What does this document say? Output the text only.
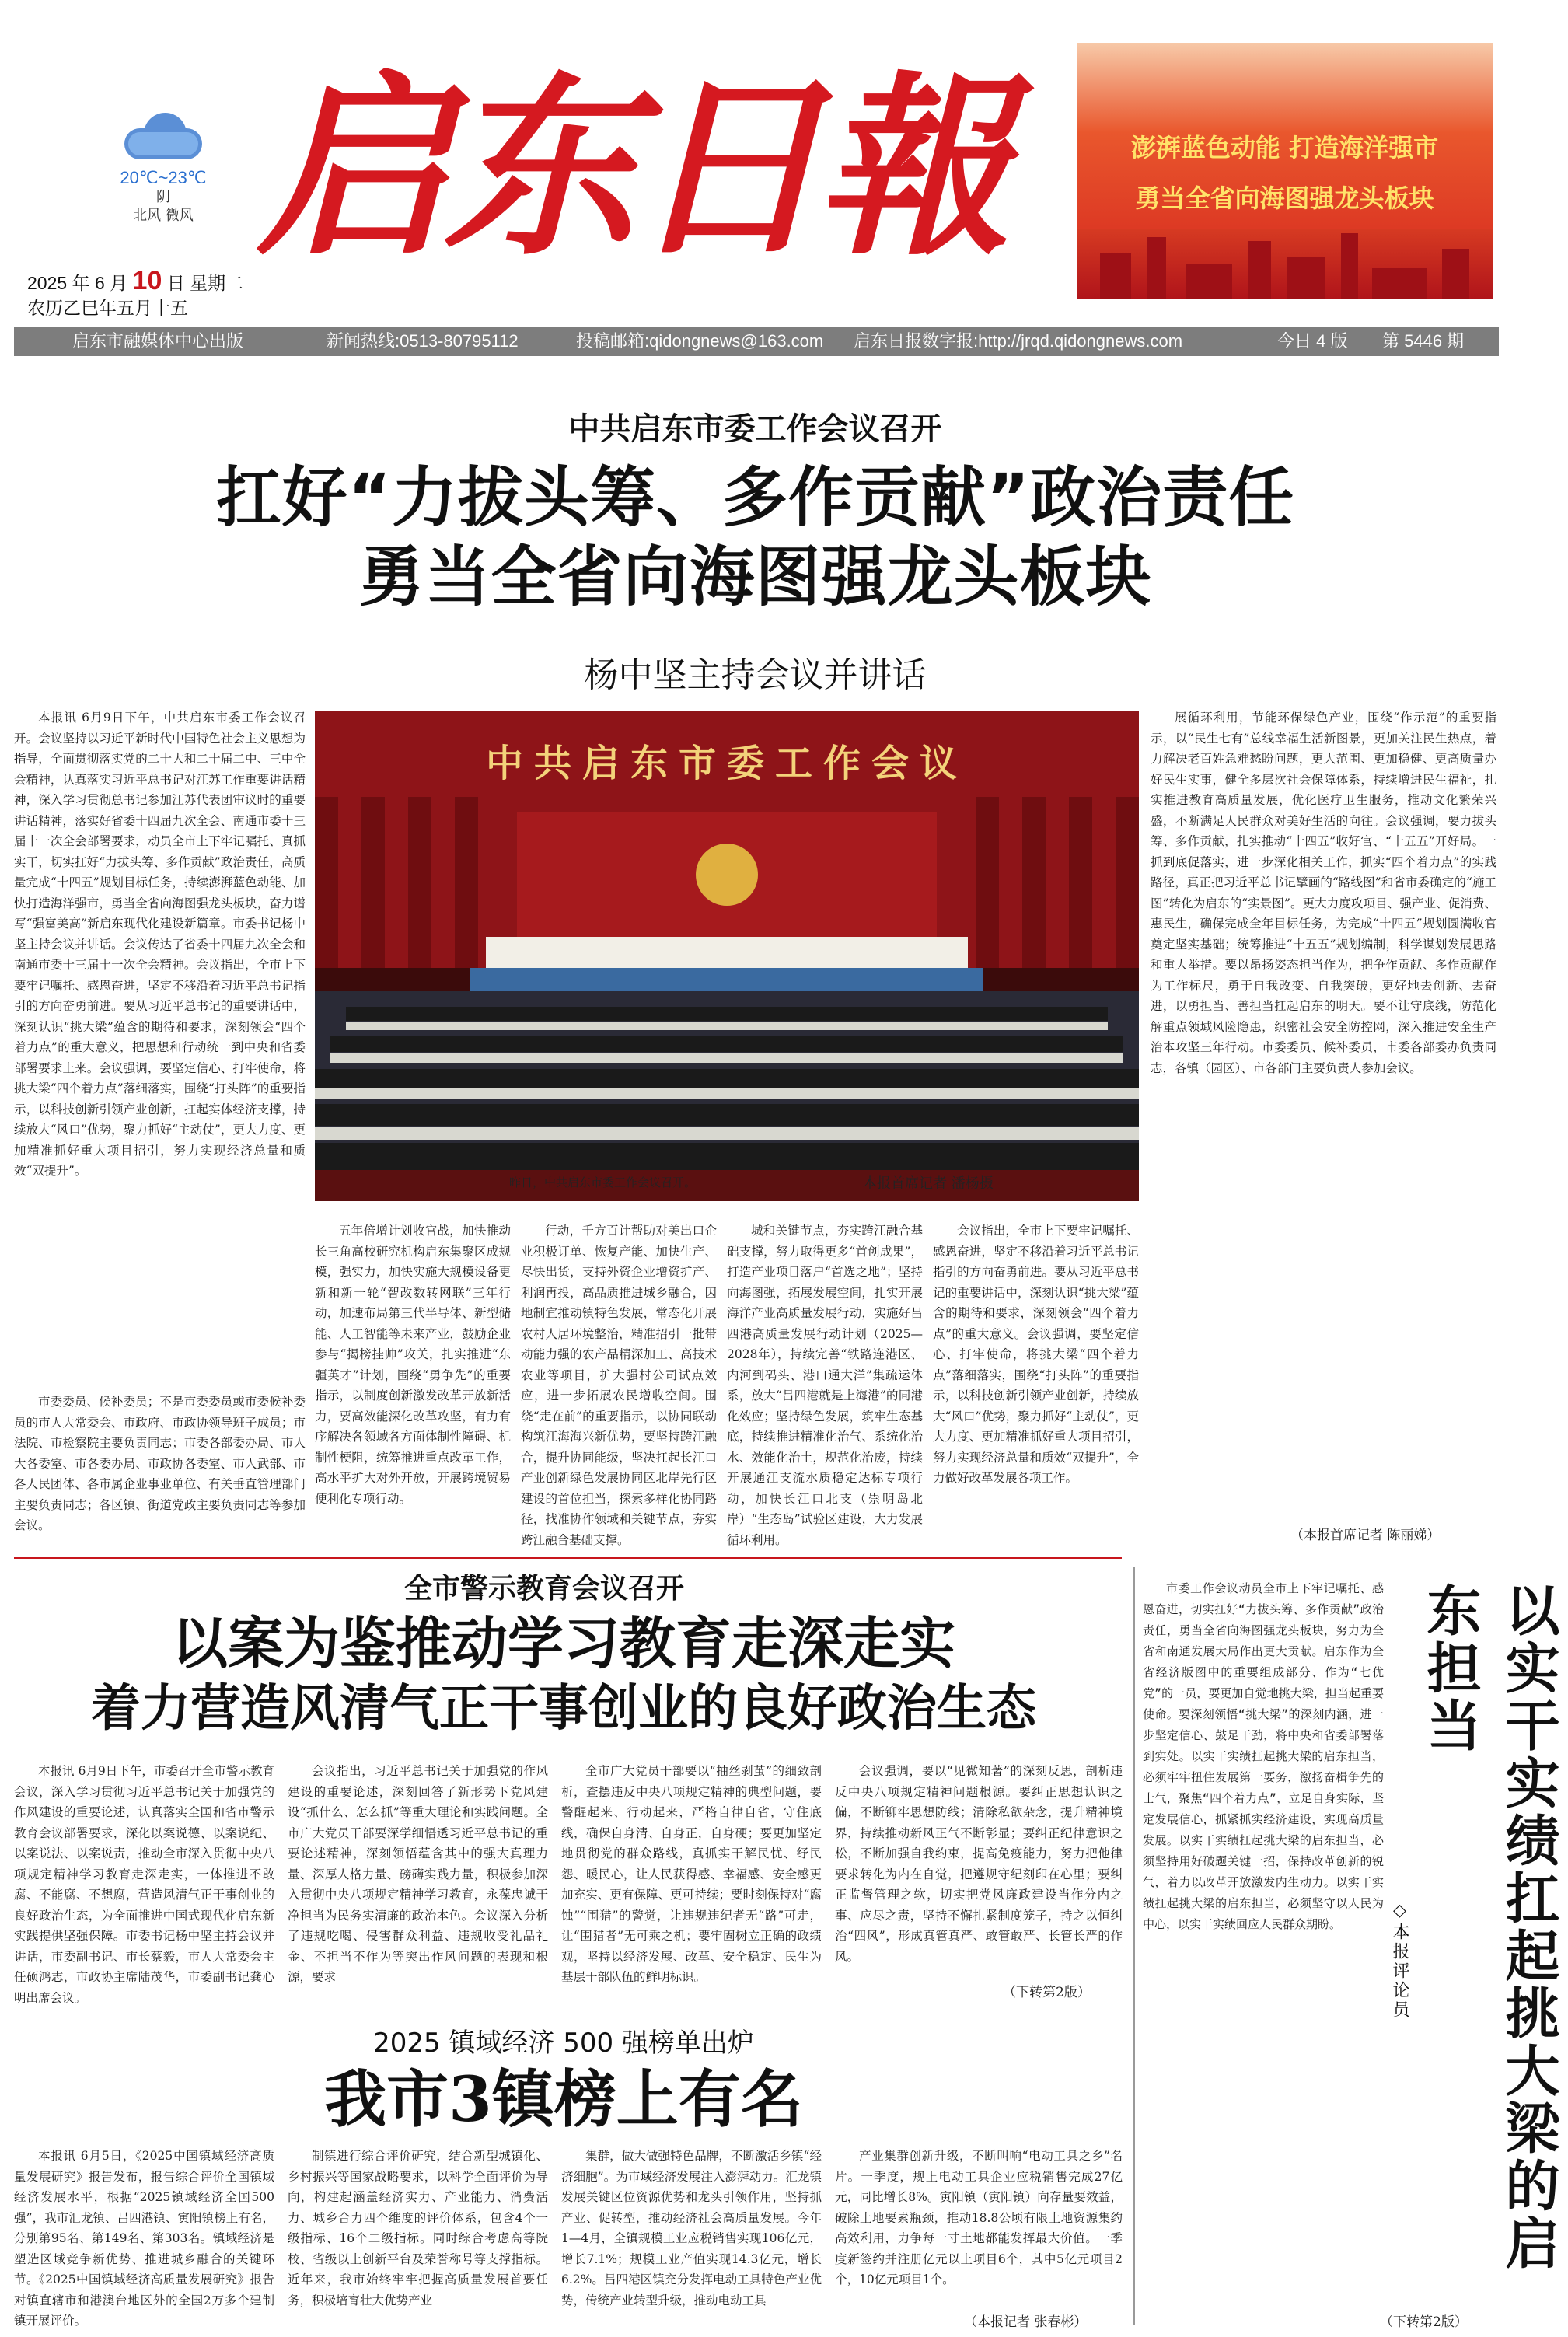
20℃~23℃
阴
北风 微风 启东日報	澎湃蓝色动能 打造海洋强市
勇当全省向海图强龙头板块
2025 年 6 月 10 日 星期二
农历乙巳年五月十五
启东市融媒体中心出版	新闻热线:0513-80795112	投稿邮箱:qidongnews@163.com 启东日报数字报:http://jrqd.qidongnews.com	今日 4 版 第 5446 期
中共启东市委工作会议召开
扛好“力拔头筹、多作贡献”政治责任
勇当全省向海图强龙头板块
杨中坚主持会议并讲话

本报讯 6月9日下午，中共启东市委工作会议召开。会议坚持以习近平新时代中国特色社会主义思想为指导，全面贯彻落实党的二十大和二十届二中、三中全会精神，认真落实习近平总书记对江苏工作重要讲话精神，深入学习贯彻总书记参加江苏代表团审议时的重要讲话精神，落实好省委十四届九次全会、南通市委十三届十一次全会部署要求，动员全市上下牢记嘱托、真抓实干，切实扛好“力拔头筹、多作贡献”政治责任，高质量完成“十四五”规划目标任务，持续澎湃蓝色动能、加快打造海洋强市，勇当全省向海图强龙头板块，奋力谱写“强富美高”新启东现代化建设新篇章。市委书记杨中坚主持会议并讲话。会议传达了省委十四届九次全会和南通市委十三届十一次全会精神。会议指出，全市上下要牢记嘱托、感恩奋进，坚定不移沿着习近平总书记指引的方向奋勇前进。要从习近平总书记的重要讲话中，深刻认识“挑大梁”蕴含的期待和要求，深刻领会“四个着力点”的重大意义，把思想和行动统一到中央和省委部署要求上来。会议强调，要坚定信心、打牢使命，将挑大梁“四个着力点”落细落实，围绕“打头阵”的重要指示，以科技创新引领产业创新，扛起实体经济支撑，持续放大“风口”优势，聚力抓好“主动仗”，更大力度、更加精准抓好重大项目招引，努力实现经济总量和质效“双提升”。

中共启东市委工作会议
昨日，中共启东市委工作会议召开。	本报首席记者 潘杨摄

展循环利用，节能环保绿色产业，围绕“作示范”的重要指示，以“民生七有”总线幸福生活新图景，更加关注民生热点，着力解决老百姓急难愁盼问题，更大范围、更加稳健、更高质量办好民生实事，健全多层次社会保障体系，持续增进民生福祉，扎实推进教育高质量发展，优化医疗卫生服务，推动文化繁荣兴盛，不断满足人民群众对美好生活的向往。会议强调，要力拔头筹、多作贡献，扎实推动“十四五”收好官、“十五五”开好局。一抓到底促落实，进一步深化相关工作，抓实“四个着力点”的实践路径，真正把习近平总书记擘画的“路线图”和省市委确定的“施工图”转化为启东的“实景图”。更大力度攻项目、强产业、促消费、惠民生，确保完成全年目标任务，为完成“十四五”规划圆满收官奠定坚实基础；统筹推进“十五五”规划编制，科学谋划发展思路和重大举措。要以昂扬姿态担当作为，把争作贡献、多作贡献作为工作标尺，勇于自我改变、自我突破，更好地去创新、去奋进，以勇担当、善担当扛起启东的明天。要不让守底线，防范化解重点领域风险隐患，织密社会安全防控网，深入推进安全生产治本攻坚三年行动。市委委员、候补委员，市委各部委办负责同志，各镇（园区）、市各部门主要负责人参加会议。

五年倍增计划收官战，加快推动长三角高校研究机构启东集聚区成规模，强实力，加快实施大规模设备更新和新一轮“智改数转网联”三年行动，加速布局第三代半导体、新型储能、人工智能等未来产业，鼓励企业参与“揭榜挂帅”攻关，扎实推进“东疆英才”计划，围绕“勇争先”的重要指示，以制度创新激发改革开放新活力，要高效能深化改革攻坚，有力有序解决各领域各方面体制性障碍、机制性梗阻，统筹推进重点改革工作，高水平扩大对外开放，开展跨境贸易便利化专项行动。

行动，千方百计帮助对美出口企业积极订单、恢复产能、加快生产、尽快出货，支持外资企业增资扩产、利润再投，高品质推进城乡融合，因地制宜推动镇特色发展，常态化开展农村人居环境整治，精准招引一批带动能力强的农产品精深加工、高技术农业等项目，扩大强村公司试点效应，进一步拓展农民增收空间。围绕“走在前”的重要指示，以协同联动构筑江海海兴新优势，要坚持跨江融合，提升协同能级，坚决扛起长江口产业创新绿色发展协同区北岸先行区建设的首位担当，探索多样化协同路径，找准协作领域和关键节点，夯实跨江融合基础支撑。

城和关键节点，夯实跨江融合基础支撑，努力取得更多“首创成果”，打造产业项目落户“首选之地”；坚持向海图强，拓展发展空间，扎实开展海洋产业高质量发展行动，实施好吕四港高质量发展行动计划（2025—2028年），持续完善“铁路连港区、内河到码头、港口通大洋”集疏运体系，放大“吕四港就是上海港”的同港化效应；坚持绿色发展，筑牢生态基底，持续推进精准化治气、系统化治水、效能化治土，规范化治废，持续开展通江支流水质稳定达标专项行动，加快长江口北支（崇明岛北岸）“生态岛”试验区建设，大力发展循环利用。

会议指出，全市上下要牢记嘱托、感恩奋进，坚定不移沿着习近平总书记指引的方向奋勇前进。要从习近平总书记的重要讲话中，深刻认识“挑大梁”蕴含的期待和要求，深刻领会“四个着力点”的重大意义。会议强调，要坚定信心、打牢使命，将挑大梁“四个着力点”落细落实，围绕“打头阵”的重要指示，以科技创新引领产业创新，持续放大“风口”优势，聚力抓好“主动仗”，更大力度、更加精准抓好重大项目招引，努力实现经济总量和质效“双提升”，全力做好改革发展各项工作。

市委委员、候补委员；不是市委委员或市委候补委员的市人大常委会、市政府、市政协领导班子成员；市法院、市检察院主要负责同志；市委各部委办局、市人大各委室、市各委办局、市政协各委室、市人武部、市各人民团体、各市属企业事业单位、有关垂直管理部门主要负责同志；各区镇、街道党政主要负责同志等参加会议。

（本报首席记者 陈丽娣）
全市警示教育会议召开
以案为鉴推动学习教育走深走实
着力营造风清气正干事创业的良好政治生态

本报讯 6月9日下午，市委召开全市警示教育会议，深入学习贯彻习近平总书记关于加强党的作风建设的重要论述，认真落实全国和省市警示教育会议部署要求，深化以案说德、以案说纪、以案说法、以案说责，推动全市深入贯彻中央八项规定精神学习教育走深走实，一体推进不敢腐、不能腐、不想腐，营造风清气正干事创业的良好政治生态，为全面推进中国式现代化启东新实践提供坚强保障。市委书记杨中坚主持会议并讲话，市委副书记、市长蔡毅，市人大常委会主任硕鸿志，市政协主席陆茂华，市委副书记龚心明出席会议。

会议指出，习近平总书记关于加强党的作风建设的重要论述，深刻回答了新形势下党风建设“抓什么、怎么抓”等重大理论和实践问题。全市广大党员干部要深学细悟透习近平总书记的重要论述精神，深刻领悟蕴含其中的强大真理力量、深厚人格力量、磅礴实践力量，积极参加深入贯彻中央八项规定精神学习教育，永葆忠诚干净担当为民务实清廉的政治本色。会议深入分析了违规吃喝、侵害群众利益、违规收受礼品礼金、不担当不作为等突出作风问题的表现和根源，要求

全市广大党员干部要以“抽丝剥茧”的细致剖析，查摆违反中央八项规定精神的典型问题，要警醒起来、行动起来，严格自律自省，守住底线，确保自身清、自身正，自身硬；要更加坚定地贯彻党的群众路线，真抓实干解民忧、纾民怨、暖民心，让人民获得感、幸福感、安全感更加充实、更有保障、更可持续；要时刻保持对“腐蚀”“围猎”的警觉，让违规违纪者无“路”可走，让“围猎者”无可乘之机；要牢固树立正确的政绩观，坚持以经济发展、改革、安全稳定、民生为基层干部队伍的鲜明标识。

会议强调，要以“见微知著”的深刻反思，剖析违反中央八项规定精神问题根源。要纠正思想认识之偏，不断铆牢思想防线；清除私欲杂念，提升精神境界，持续推动新风正气不断彰显；要纠正纪律意识之松，不断加强自我约束，提高免疫能力，努力把他律要求转化为内在自觉，把遵规守纪刻印在心里；要纠正监督管理之软，切实把党风廉政建设当作分内之事、应尽之责，坚持不懈扎紧制度笼子，持之以恒纠治“四风”，形成真管真严、敢管敢严、长管长严的作风。

（下转第2版）
2025 镇域经济 500 强榜单出炉
我市3镇榜上有名

本报讯 6月5日，《2025中国镇域经济高质量发展研究》报告发布，报告综合评价全国镇域经济发展水平，根据“2025镇域经济全国500强”，我市汇龙镇、吕四港镇、寅阳镇榜上有名，分别第95名、第149名、第303名。镇域经济是塑造区域竞争新优势、推进城乡融合的关键环节。《2025中国镇域经济高质量发展研究》报告对镇直辖市和港澳台地区外的全国2万多个建制镇开展评价。

制镇进行综合评价研究，结合新型城镇化、乡村振兴等国家战略要求，以科学全面评价为导向，构建起涵盖经济实力、产业能力、消费活力、城乡合力四个维度的评价体系，包含4个一级指标、16个二级指标。同时综合考虑高等院校、省级以上创新平台及荣誉称号等支撑指标。近年来，我市始终牢牢把握高质量发展首要任务，积极培育壮大优势产业

集群，做大做强特色品牌，不断激活乡镇“经济细胞”。为市域经济发展注入澎湃动力。汇龙镇发展关键区位资源优势和龙头引领作用，坚持抓产业、促转型，推动经济社会高质量发展。今年1—4月，全镇规模工业应税销售实现106亿元，增长7.1%；规模工业产值实现14.3亿元，增长6.2%。吕四港区镇充分发挥电动工具特色产业优势，传统产业转型升级，推动电动工具

产业集群创新升级，不断叫响“电动工具之乡”名片。一季度，规上电动工具企业应税销售完成27亿元，同比增长8%。寅阳镇（寅阳镇）向存量要效益，破除土地要素瓶颈，推动18.8公顷有限土地资源集约高效利用，力争每一寸土地都能发挥最大价值。一季度新签约并注册亿元以上项目6个，其中5亿元项目2个，10亿元项目1个。

（本报记者 张春彬）

市委工作会议动员全市上下牢记嘱托、感恩奋进，切实扛好“力拔头筹、多作贡献”政治责任，勇当全省向海图强龙头板块，努力为全省和南通发展大局作出更大贡献。启东作为全省经济版图中的重要组成部分、作为“七优党”的一员，要更加自觉地挑大梁，担当起重要使命。要深刻领悟“挑大梁”的深刻内涵，进一步坚定信心、鼓足干劲，将中央和省委部署落到实处。以实干实绩扛起挑大梁的启东担当，必须牢牢扭住发展第一要务，激扬奋楫争先的士气，聚焦“四个着力点”，立足自身实际，坚定发展信心，抓紧抓实经济建设，实现高质量发展。以实干实绩扛起挑大梁的启东担当，必须坚持用好破题关键一招，保持改革创新的锐气，着力以改革开放激发内生动力。以实干实绩扛起挑大梁的启东担当，必须坚守以人民为中心，以实干实绩回应人民群众期盼。	以实干实绩扛起挑大梁的启东担当
◇本报评论员
（下转第2版）
